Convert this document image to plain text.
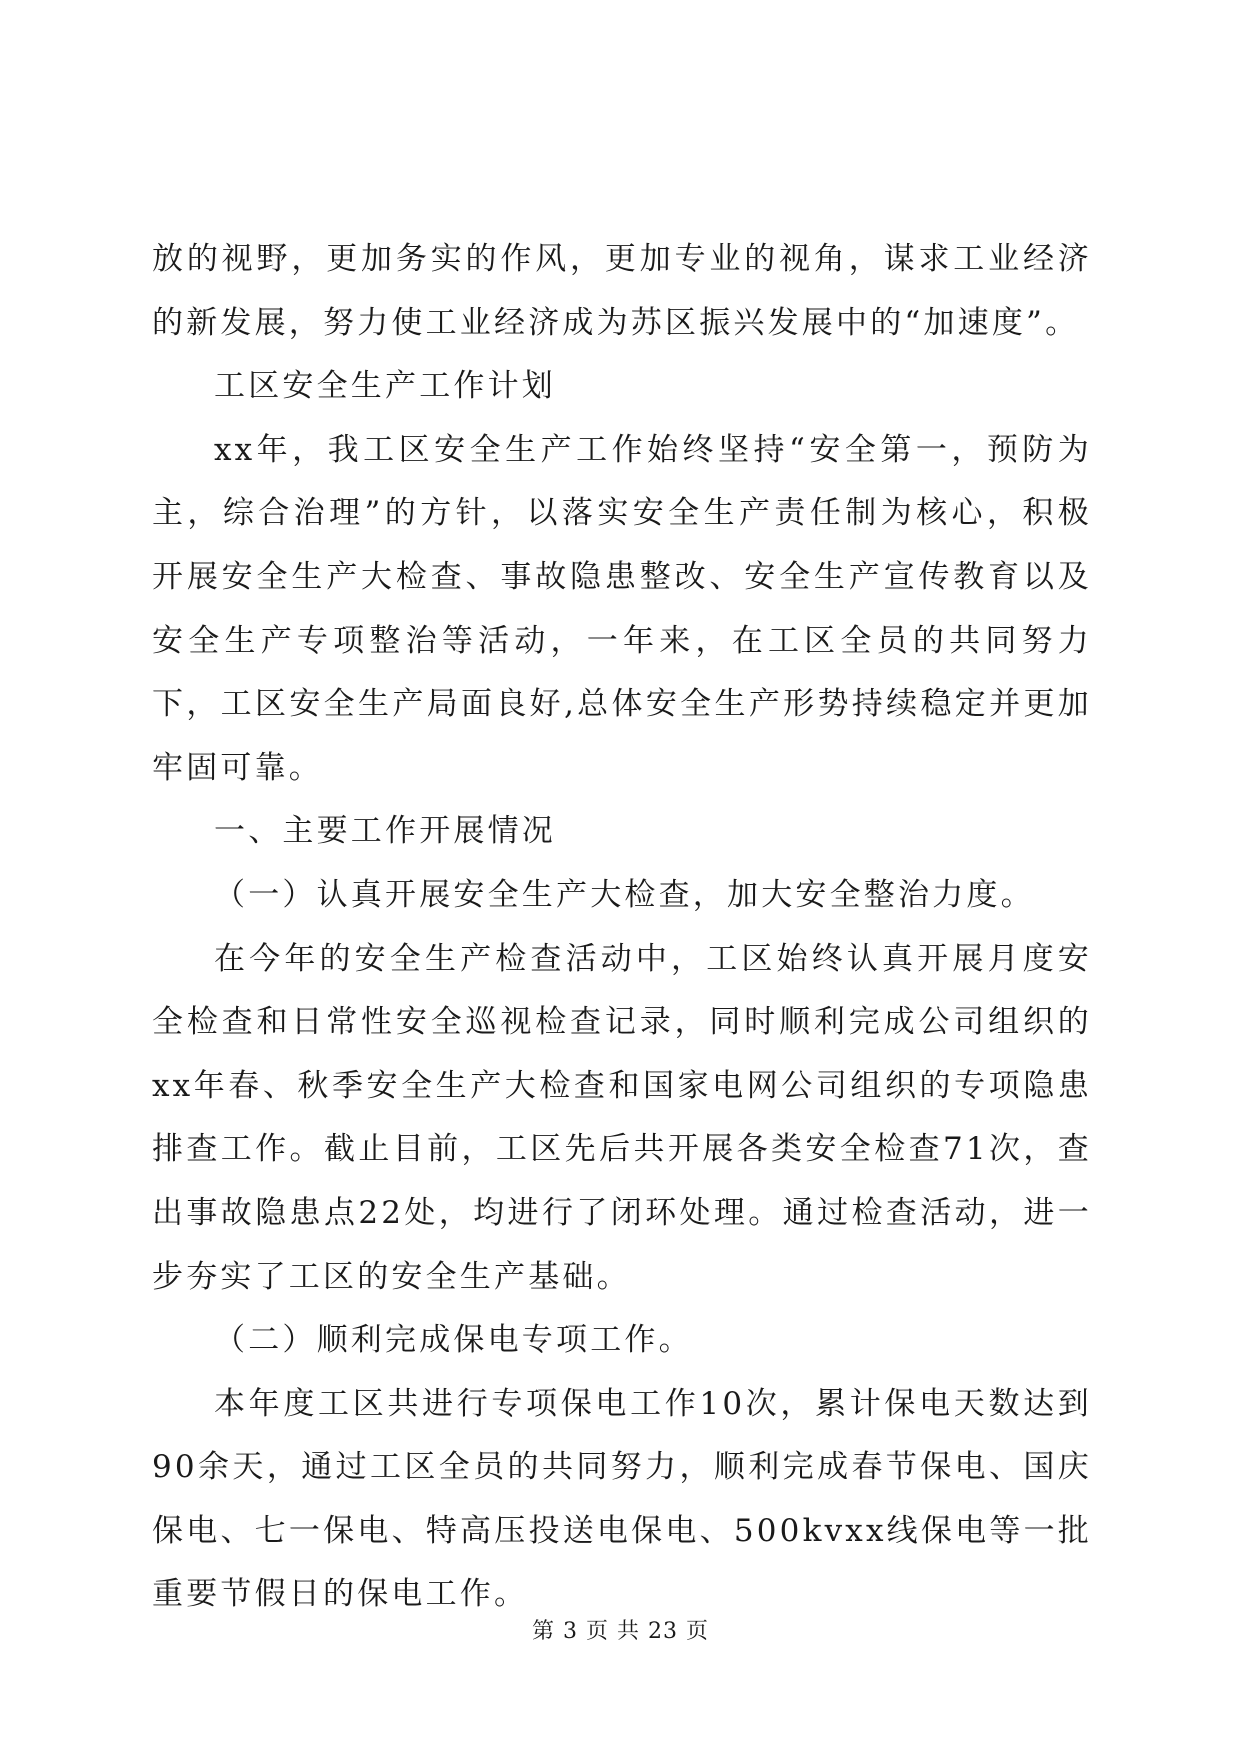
放的视野，更加务实的作风，更加专业的视角，谋求工业经济的新发展，努力使工业经济成为苏区振兴发展中的“加速度”。

工区安全生产工作计划

xx年，我工区安全生产工作始终坚持“安全第一，预防为主，综合治理”的方针，以落实安全生产责任制为核心，积极开展安全生产大检查、事故隐患整改、安全生产宣传教育以及安全生产专项整治等活动，一年来，在工区全员的共同努力下，工区安全生产局面良好,总体安全生产形势持续稳定并更加牢固可靠。

一、主要工作开展情况

（一）认真开展安全生产大检查，加大安全整治力度。

在今年的安全生产检查活动中，工区始终认真开展月度安全检查和日常性安全巡视检查记录，同时顺利完成公司组织的xx年春、秋季安全生产大检查和国家电网公司组织的专项隐患排查工作。截止目前，工区先后共开展各类安全检查71次，查出事故隐患点22处，均进行了闭环处理。通过检查活动，进一步夯实了工区的安全生产基础。

（二）顺利完成保电专项工作。

本年度工区共进行专项保电工作10次，累计保电天数达到90余天，通过工区全员的共同努力，顺利完成春节保电、国庆保电、七一保电、特高压投送电保电、500kvxx线保电等一批重要节假日的保电工作。

第 3 页 共 23 页
